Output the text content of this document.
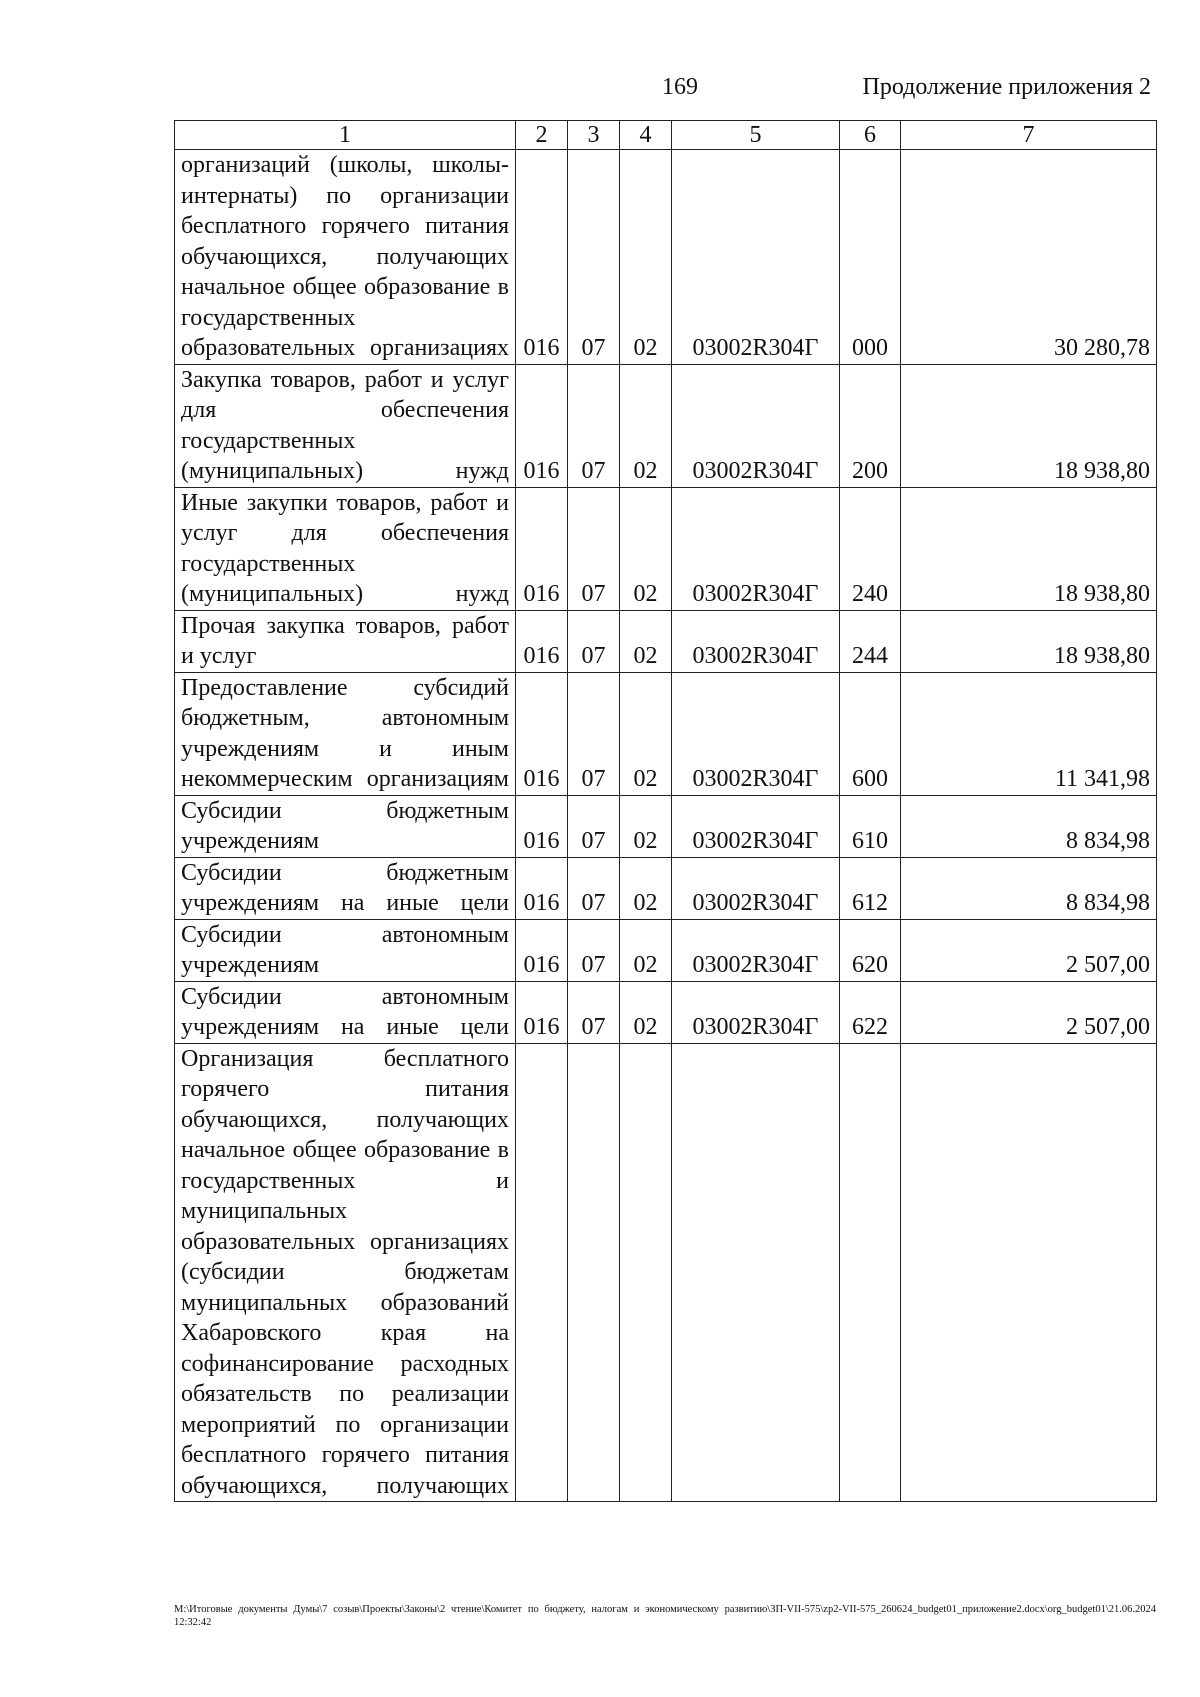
169	Продолжение приложения 2
1	2	3	4	5	6	7
организаций (школы, школы-интернаты) по организации бесплатного горячего питания обучающихся, получающих начальное общее образование в государственных образовательных организациях	016	07	02	03002R304Г	000	30 280,78
Закупка товаров, работ и услуг для обеспечения государственных (муниципальных) нужд	016	07	02	03002R304Г	200	18 938,80
Иные закупки товаров, работ и услуг для обеспечения государственных (муниципальных) нужд	016	07	02	03002R304Г	240	18 938,80
Прочая закупка товаров, работ и услуг	016	07	02	03002R304Г	244	18 938,80
Предоставление субсидий бюджетным, автономным учреждениям и иным некоммерческим организациям	016	07	02	03002R304Г	600	11 341,98
Субсидии бюджетным учреждениям	016	07	02	03002R304Г	610	8 834,98
Субсидии бюджетным учреждениям на иные цели	016	07	02	03002R304Г	612	8 834,98
Субсидии автономным учреждениям	016	07	02	03002R304Г	620	2 507,00
Субсидии автономным учреждениям на иные цели	016	07	02	03002R304Г	622	2 507,00
Организация бесплатного горячего питания обучающихся, получающих начальное общее образование в государственных и муниципальных образовательных организациях (субсидии бюджетам муниципальных образований Хабаровского края на софинансирование расходных обязательств по реализации мероприятий по организации бесплатного горячего питания обучающихся, получающих						
M:\Итоговые документы Думы\7 созыв\Проекты\Законы\2 чтение\Комитет по бюджету, налогам и экономическому развитию\ЗП-VII-575\zp2-VII-575_260624_budget01_приложение2.docx\org_budget01\21.06.2024 12:32:42
